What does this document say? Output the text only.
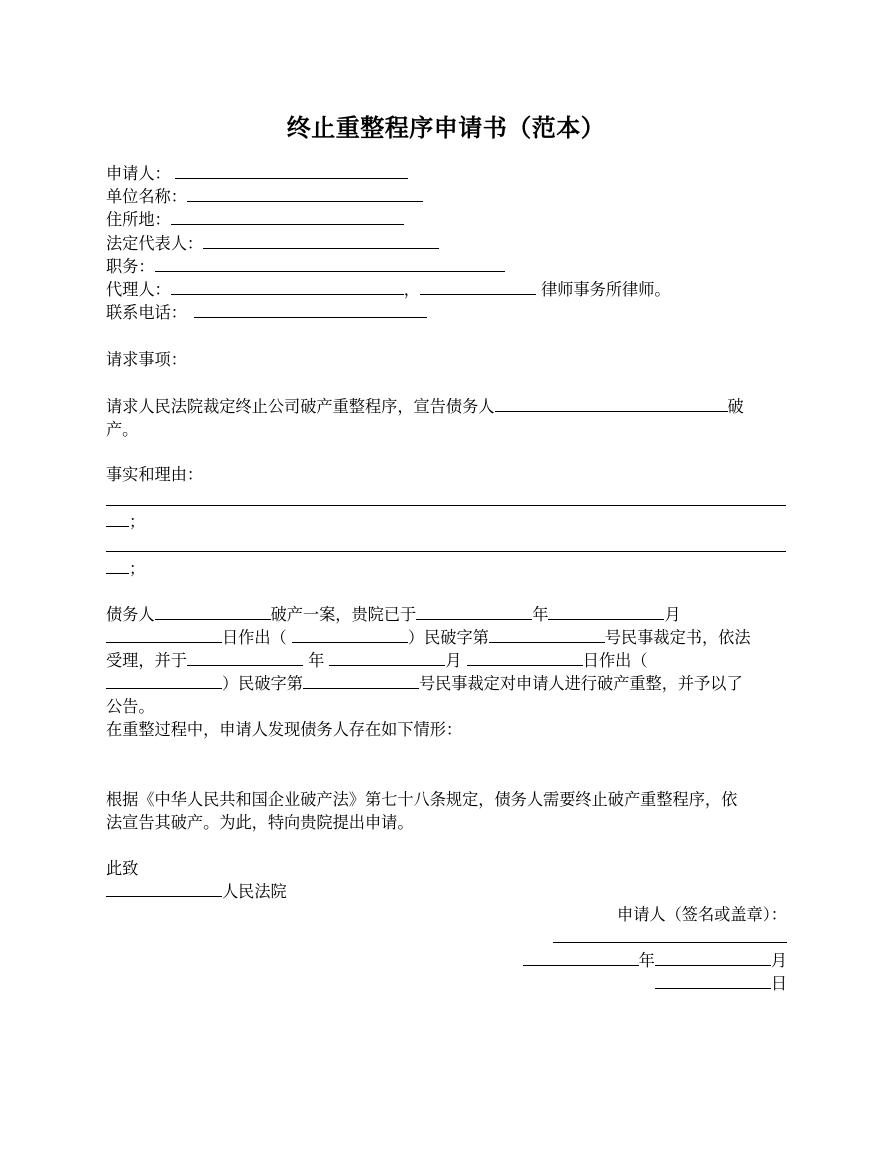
终止重整程序申请书（范本）
申请人：
单位名称：
住所地：
法定代表人：
职务：
代理人：	，	律师事务所律师。
联系电话：
请求事项：
请求人民法院裁定终止公司破产重整程序，宣告债务人	破
产。
事实和理由：
；
；
债务人	破产一案，贵院已于	年	月
日作出（	）民破字第	号民事裁定书，依法
受理，并于	年	月	日作出（
）民破字第	号民事裁定对申请人进行破产重整，并予以了
公告。
在重整过程中，申请人发现债务人存在如下情形：
根据《中华人民共和国企业破产法》第七十八条规定，债务人需要终止破产重整程序，依
法宣告其破产。为此，特向贵院提出申请。
此致
人民法院
申请人（签名或盖章）：
年	月
日
